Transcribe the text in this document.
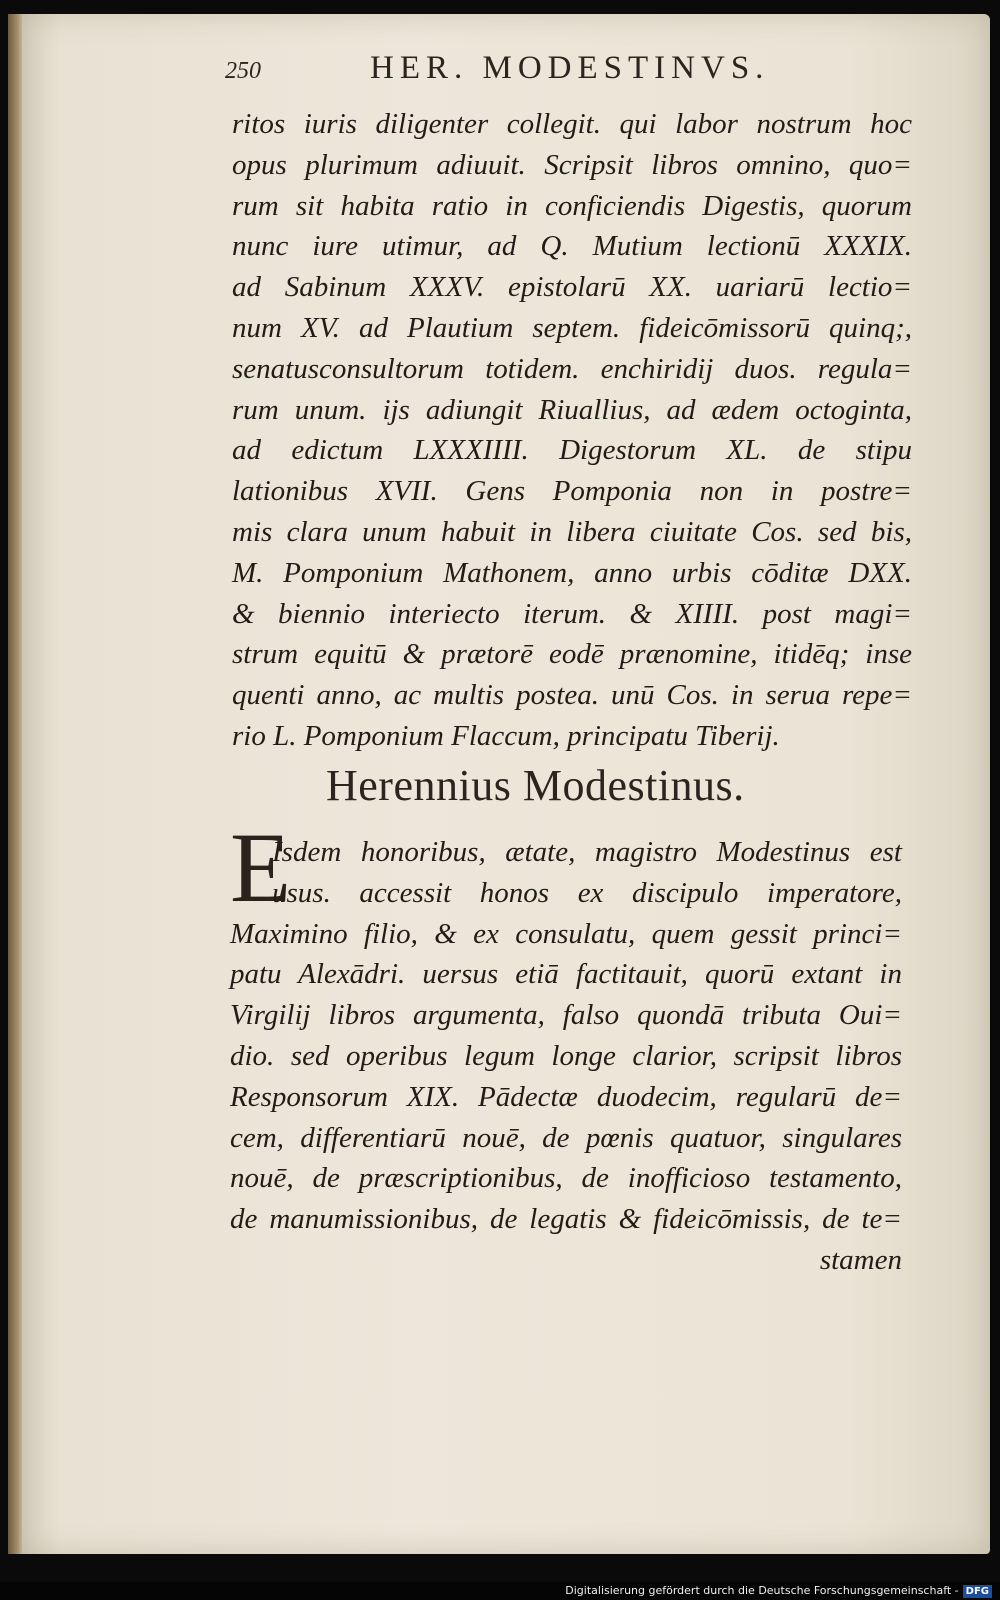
250	HER. MODESTINVS.
ritos iuris diligenter collegit. qui labor nostrum hoc
opus plurimum adiuuit. Scripsit libros omnino, quo=
rum sit habita ratio in conficiendis Digestis, quorum
nunc iure utimur, ad Q. Mutium lectionū XXXIX.
ad Sabinum XXXV. epistolarū XX. uariarū lectio=
num XV. ad Plautium septem. fideicōmissorū quinq;,
senatusconsultorum totidem. enchiridij duos. regula=
rum unum. ijs adiungit Riuallius, ad ædem octoginta,
ad edictum LXXXIIII. Digestorum XL. de stipu
lationibus XVII. Gens Pomponia non in postre=
mis clara unum habuit in libera ciuitate Cos. sed bis,
M. Pomponium Mathonem, anno urbis cōditæ DXX.
& biennio interiecto iterum. & XIIII. post magi=
strum equitū & prætorē eodē prænomine, itidēq; inse
quenti anno, ac multis postea. unū Cos. in serua repe=
rio L. Pomponium Flaccum, principatu Tiberij.
Herennius Modestinus.
E
Isdem honoribus, ætate, magistro Modestinus est
usus. accessit honos ex discipulo imperatore,
Maximino filio, & ex consulatu, quem gessit princi=
patu Alexādri. uersus etiā factitauit, quorū extant in
Virgilij libros argumenta, falso quondā tributa Oui=
dio. sed operibus legum longe clarior, scripsit libros
Responsorum XIX. Pādectæ duodecim, regularū de=
cem, differentiarū nouē, de pœnis quatuor, singulares
nouē, de præscriptionibus, de inofficioso testamento,
de manumissionibus, de legatis & fideicōmissis, de te=
stamen
Digitalisierung gefördert durch die Deutsche Forschungsgemeinschaft - DFG
